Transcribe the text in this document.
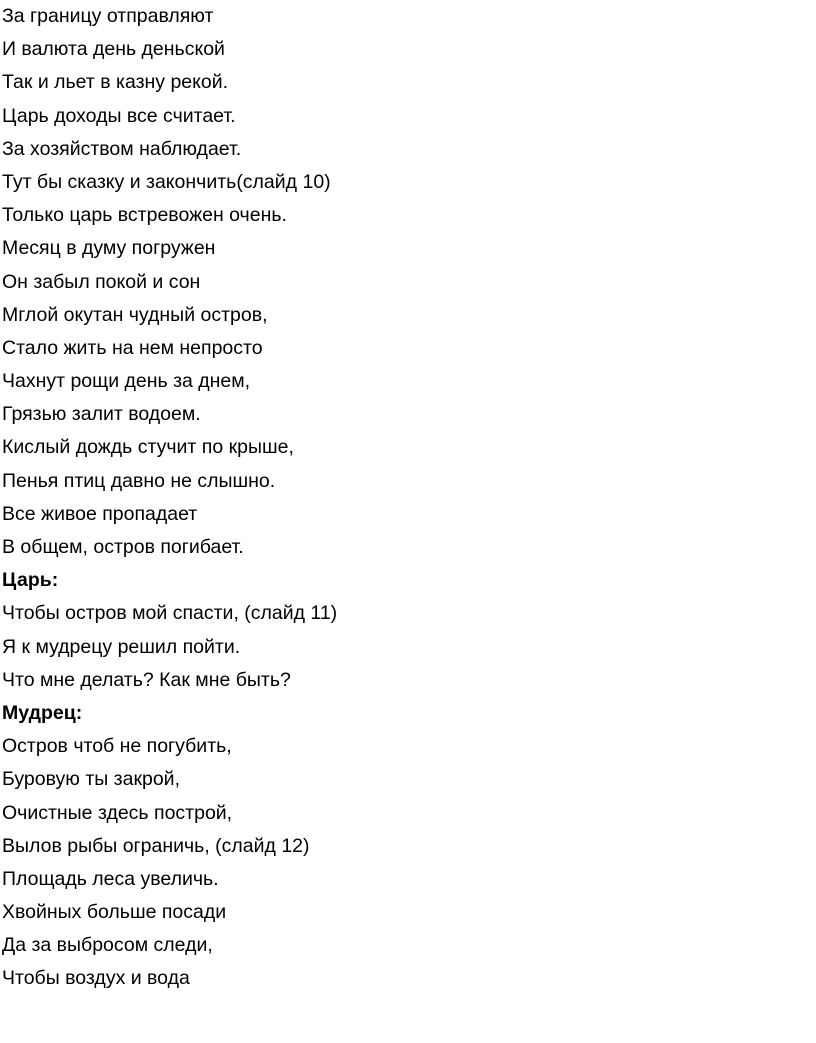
За границу отправляют

И валюта день деньской

Так и льет в казну рекой.

Царь доходы все считает.

За хозяйством наблюдает.

Тут бы сказку и закончить(слайд 10)

Только царь встревожен очень.

Месяц в думу погружен

Он забыл покой и сон

Мглой окутан чудный остров,

Стало жить на нем непросто

Чахнут рощи день за днем,

Грязью залит водоем.

Кислый дождь стучит по крыше,

Пенья птиц давно не слышно.

Все живое пропадает

В общем, остров погибает.

Царь:

Чтобы остров мой спасти, (слайд 11)

Я к мудрецу решил пойти.

Что мне делать? Как мне быть?

Мудрец:

Остров чтоб не погубить,

Буровую ты закрой,

Очистные здесь построй,

Вылов рыбы ограничь, (слайд 12)

Площадь леса увеличь.

Хвойных больше посади

Да за выбросом следи,

Чтобы воздух и вода
